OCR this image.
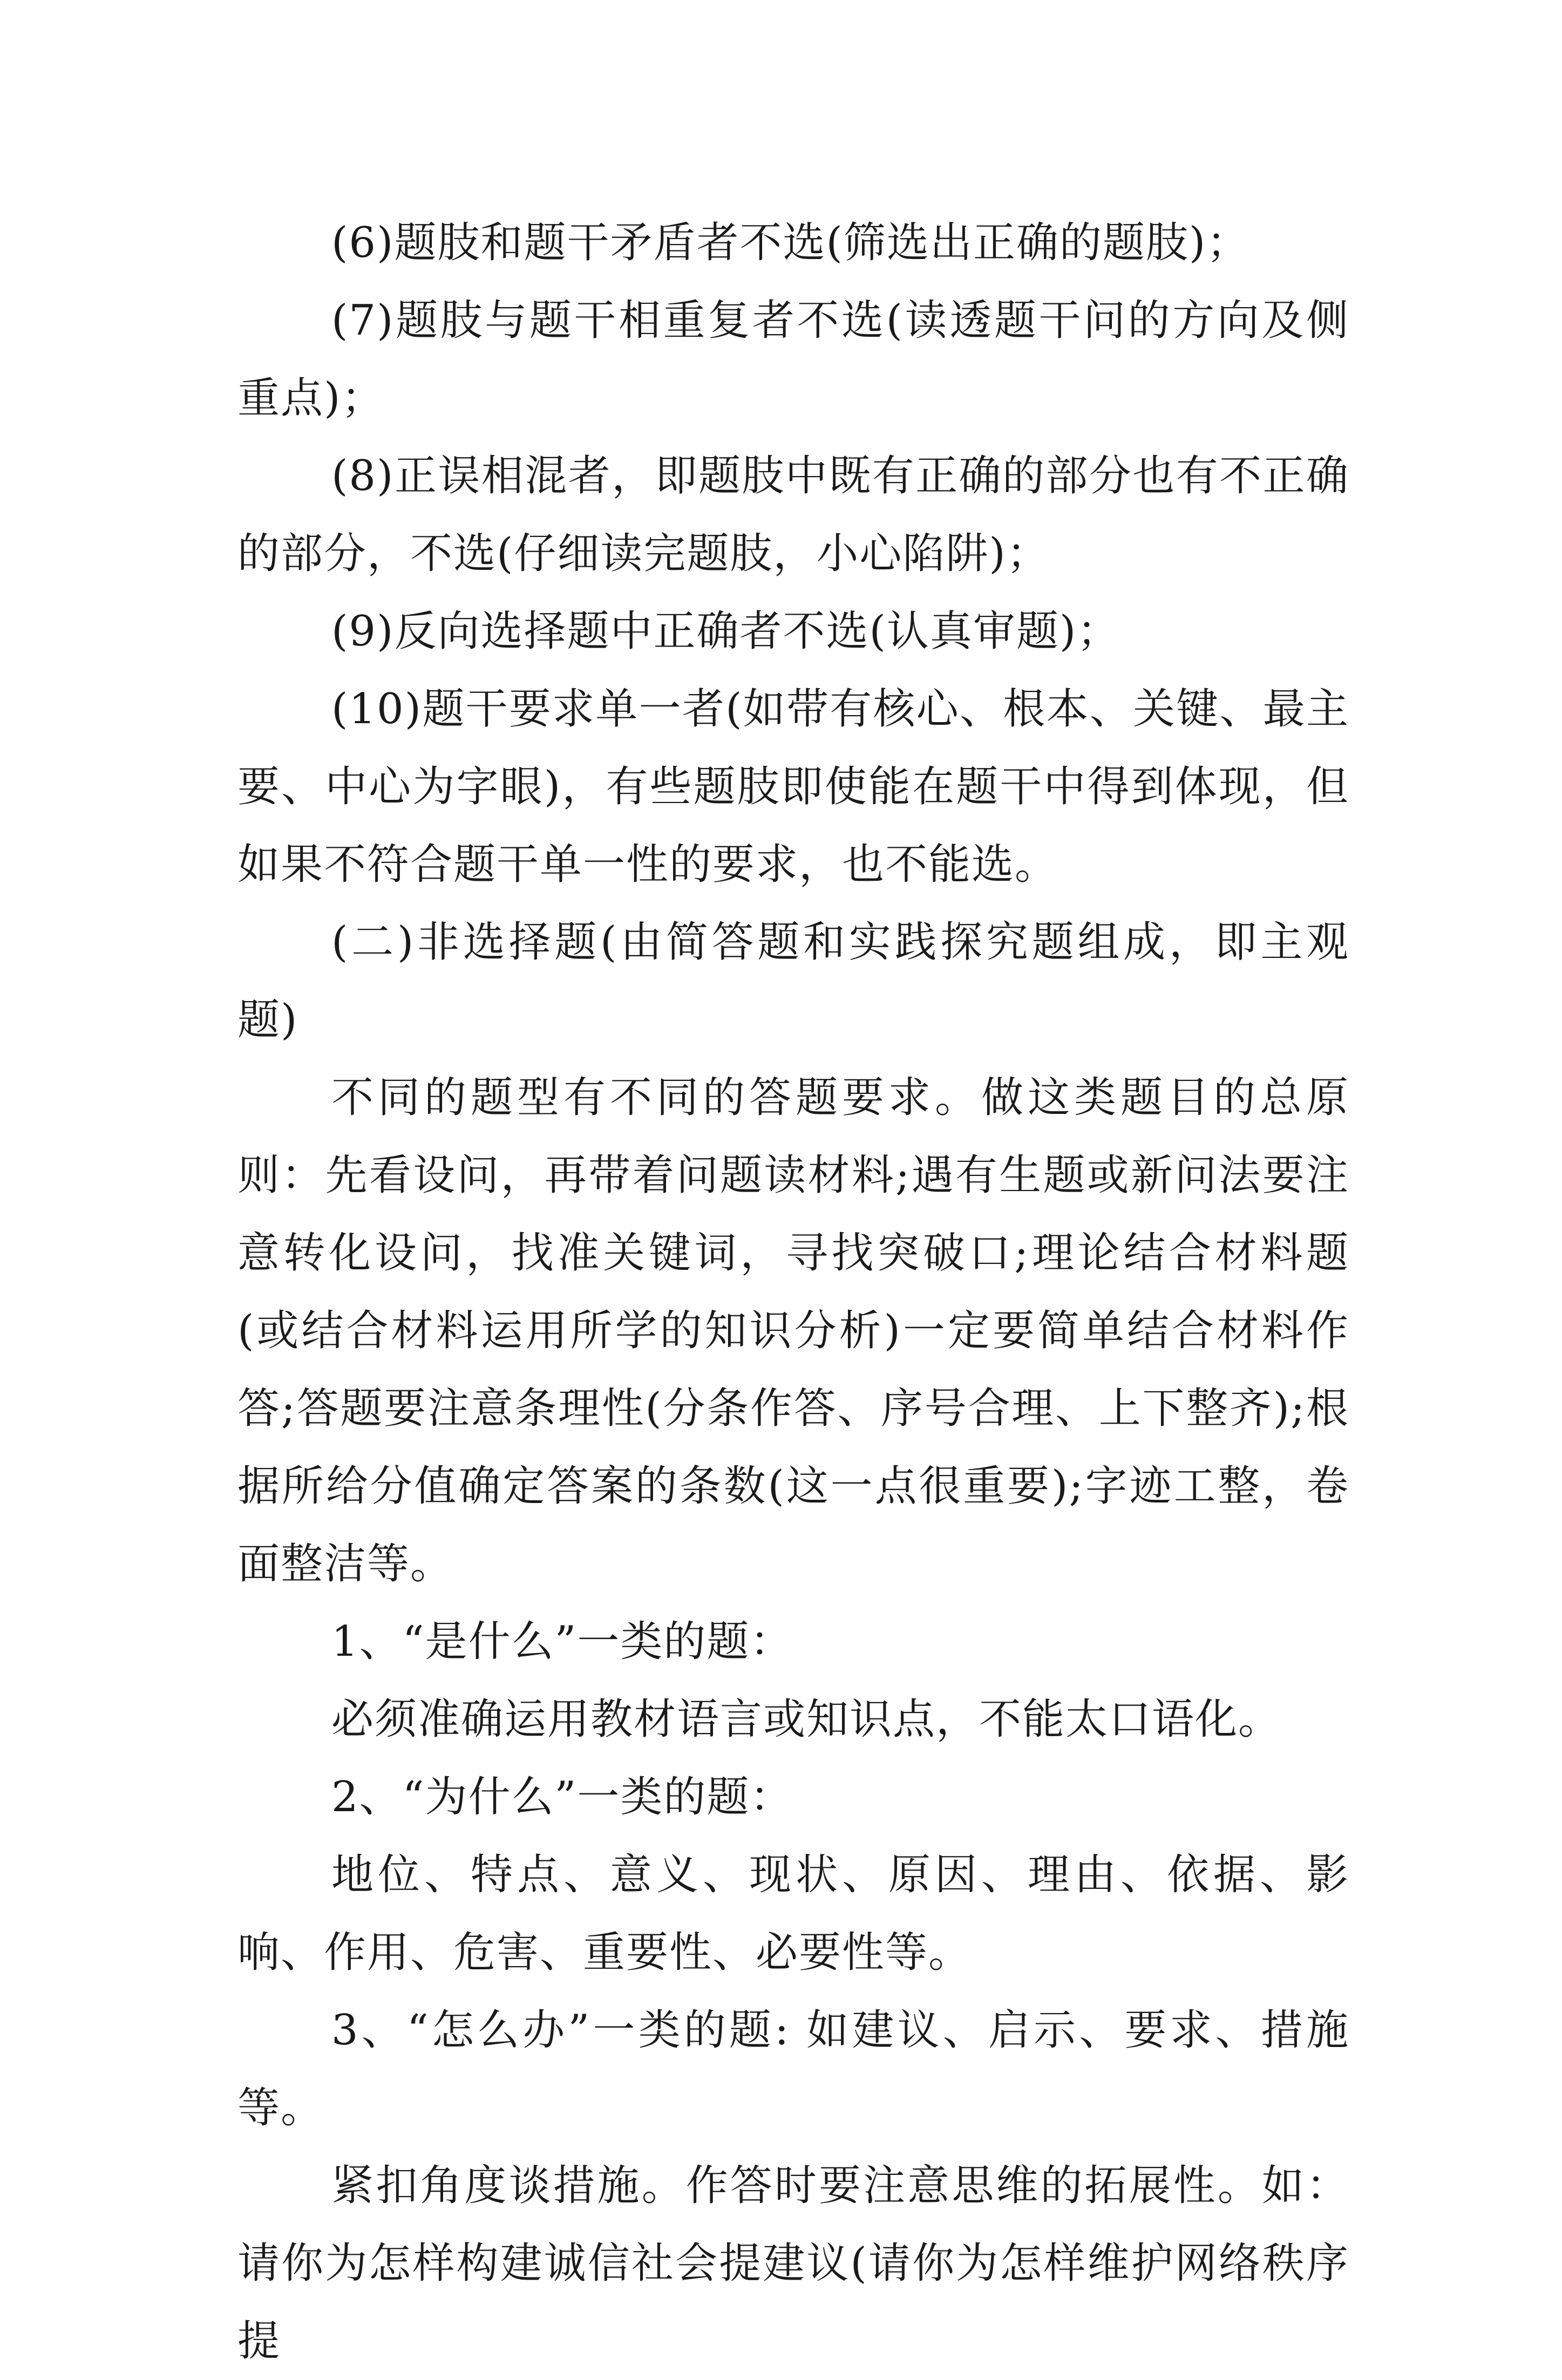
(6)题肢和题干矛盾者不选(筛选出正确的题肢)；

(7)题肢与题干相重复者不选(读透题干问的方向及侧重点)；

(8)正误相混者，即题肢中既有正确的部分也有不正确的部分，不选(仔细读完题肢，小心陷阱)；

(9)反向选择题中正确者不选(认真审题)；

(10)题干要求单一者(如带有核心、根本、关键、最主要、中心为字眼)，有些题肢即使能在题干中得到体现，但如果不符合题干单一性的要求，也不能选。

(二)非选择题(由简答题和实践探究题组成，即主观题)

不同的题型有不同的答题要求。做这类题目的总原则：先看设问，再带着问题读材料;遇有生题或新问法要注意转化设问，找准关键词，寻找突破口;理论结合材料题(或结合材料运用所学的知识分析)一定要简单结合材料作答;答题要注意条理性(分条作答、序号合理、上下整齐);根据所给分值确定答案的条数(这一点很重要);字迹工整，卷面整洁等。

1、“是什么”一类的题：

必须准确运用教材语言或知识点，不能太口语化。

2、“为什么”一类的题：

地位、特点、意义、现状、原因、理由、依据、影响、作用、危害、重要性、必要性等。

3、“怎么办”一类的题: 如建议、启示、要求、措施等。

紧扣角度谈措施。作答时要注意思维的拓展性。如：请你为怎样构建诚信社会提建议(请你为怎样维护网络秩序提
